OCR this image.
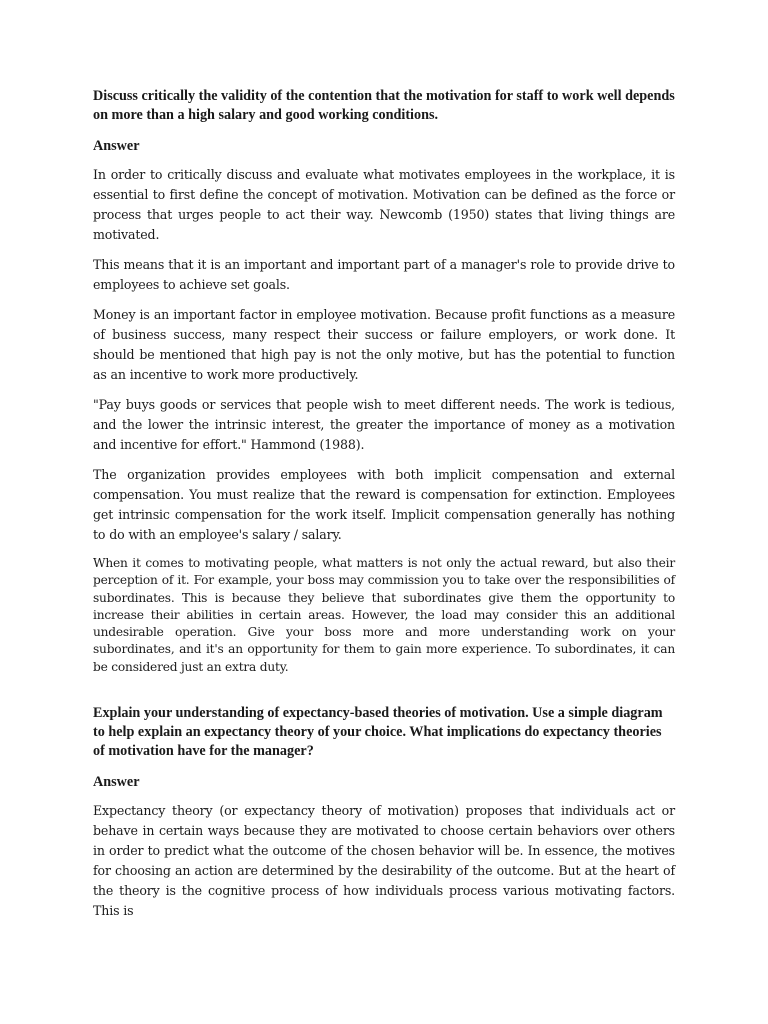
Discuss critically the validity of the contention that the motivation for staff to work well depends on more than a high salary and good working conditions.

Answer

In order to critically discuss and evaluate what motivates employees in the workplace, it is essential to first define the concept of motivation. Motivation can be defined as the force or process that urges people to act their way. Newcomb (1950) states that living things are motivated.

This means that it is an important and important part of a manager's role to provide drive to employees to achieve set goals.

Money is an important factor in employee motivation. Because profit functions as a measure of business success, many respect their success or failure employers, or work done. It should be mentioned that high pay is not the only motive, but has the potential to function as an incentive to work more productively.

"Pay buys goods or services that people wish to meet different needs. The work is tedious, and the lower the intrinsic interest, the greater the importance of money as a motivation and incentive for effort." Hammond (1988).

The organization provides employees with both implicit compensation and external compensation. You must realize that the reward is compensation for extinction. Employees get intrinsic compensation for the work itself. Implicit compensation generally has nothing to do with an employee's salary / salary.

When it comes to motivating people, what matters is not only the actual reward, but also their perception of it. For example, your boss may commission you to take over the responsibilities of subordinates. This is because they believe that subordinates give them the opportunity to increase their abilities in certain areas. However, the load may consider this an additional undesirable operation. Give your boss more and more understanding work on your subordinates, and it's an opportunity for them to gain more experience. To subordinates, it can be considered just an extra duty.

Explain your understanding of expectancy-based theories of motivation. Use a simple diagram to help explain an expectancy theory of your choice. What implications do expectancy theories of motivation have for the manager?

Answer

Expectancy theory (or expectancy theory of motivation) proposes that individuals act or behave in certain ways because they are motivated to choose certain behaviors over others in order to predict what the outcome of the chosen behavior will be. In essence, the motives for choosing an action are determined by the desirability of the outcome. But at the heart of the theory is the cognitive process of how individuals process various motivating factors. This is
